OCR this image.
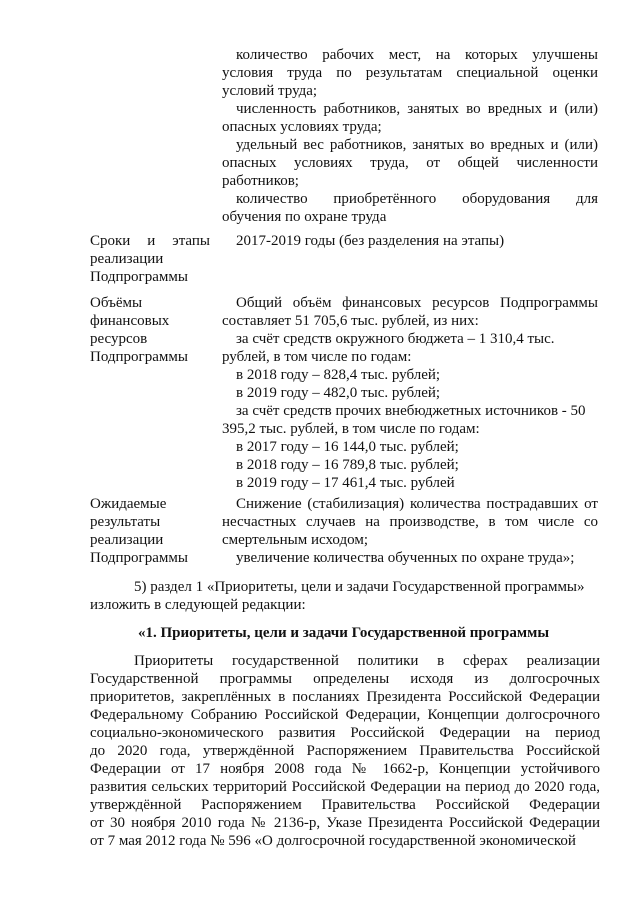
количество рабочих мест, на которых улучшены
условия труда по результатам специальной оценки
условий труда;
численность работников, занятых во вредных и (или)
опасных условиях труда;
удельный вес работников, занятых во вредных и (или)
опасных условиях труда, от общей численности
работников;
количество приобретённого оборудования для
обучения по охране труда
Сроки и этапы
реализации
Подпрограммы
2017-2019 годы (без разделения на этапы)
Объёмы
финансовых
ресурсов
Подпрограммы
Общий объём финансовых ресурсов Подпрограммы
составляет 51 705,6 тыс. рублей, из них:
за счёт средств окружного бюджета – 1 310,4 тыс.
рублей, в том числе по годам:
в 2018 году – 828,4 тыс. рублей;
в 2019 году – 482,0 тыс. рублей;
за счёт средств прочих внебюджетных источников - 50
395,2 тыс. рублей, в том числе по годам:
в 2017 году – 16 144,0 тыс. рублей;
в 2018 году – 16 789,8 тыс. рублей;
в 2019 году – 17 461,4 тыс. рублей
Ожидаемые
результаты
реализации
Подпрограммы
Снижение (стабилизация) количества пострадавших от
несчастных случаев на производстве, в том числе со
смертельным исходом;
увеличение количества обученных по охране труда»;
5) раздел 1 «Приоритеты, цели и задачи Государственной программы»
изложить в следующей редакции:
«1. Приоритеты, цели и задачи Государственной программы
Приоритеты государственной политики в сферах реализации
Государственной программы определены исходя из долгосрочных
приоритетов, закреплённых в посланиях Президента Российской Федерации
Федеральному Собранию Российской Федерации, Концепции долгосрочного
социально-экономического развития Российской Федерации на период
до 2020 года, утверждённой Распоряжением Правительства Российской
Федерации от 17 ноября 2008 года № 1662-р, Концепции устойчивого
развития сельских территорий Российской Федерации на период до 2020 года,
утверждённой Распоряжением Правительства Российской Федерации
от 30 ноября 2010 года № 2136-р, Указе Президента Российской Федерации
от 7 мая 2012 года № 596 «О долгосрочной государственной экономической
